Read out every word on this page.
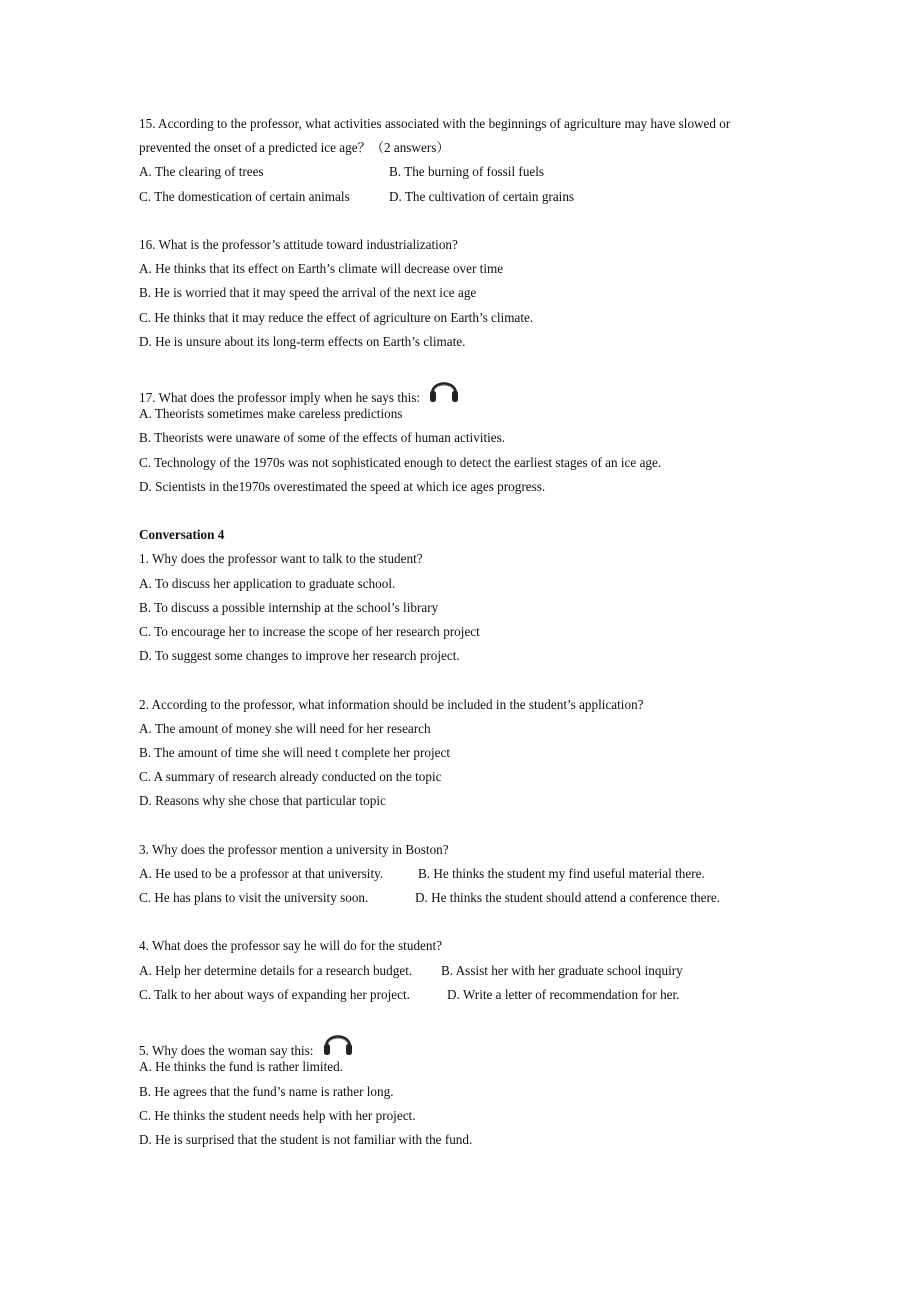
15. According to the professor, what activities associated with the beginnings of agriculture may have slowed or
prevented the onset of a predicted ice age？（2 answers）
A. The clearing of trees	B. The burning of fossil fuels
C. The domestication of certain animals	D. The cultivation of certain grains
16. What is the professor’s attitude toward industrialization?
A. He thinks that its effect on Earth’s climate will decrease over time
B. He is worried that it may speed the arrival of the next ice age
C. He thinks that it may reduce the effect of agriculture on Earth’s climate.
D. He is unsure about its long-term effects on Earth’s climate.
17. What does the professor imply when he says this:
A. Theorists sometimes make careless predictions
B. Theorists were unaware of some of the effects of human activities.
C. Technology of the 1970s was not sophisticated enough to detect the earliest stages of an ice age.
D. Scientists in the1970s overestimated the speed at which ice ages progress.
Conversation 4
1. Why does the professor want to talk to the student?
A. To discuss her application to graduate school.
B. To discuss a possible internship at the school’s library
C. To encourage her to increase the scope of her research project
D. To suggest some changes to improve her research project.
2. According to the professor, what information should be included in the student’s application?
A. The amount of money she will need for her research
B. The amount of time she will need t complete her project
C. A summary of research already conducted on the topic
D. Reasons why she chose that particular topic
3. Why does the professor mention a university in Boston?
A. He used to be a professor at that university.	B. He thinks the student my find useful material there.
C. He has plans to visit the university soon.	D. He thinks the student should attend a conference there.
4. What does the professor say he will do for the student?
A. Help her determine details for a research budget. B. Assist her with her graduate school inquiry
C. Talk to her about ways of expanding her project.	D. Write a letter of recommendation for her.
5. Why does the woman say this:
A. He thinks the fund is rather limited.
B. He agrees that the fund’s name is rather long.
C. He thinks the student needs help with her project.
D. He is surprised that the student is not familiar with the fund.
